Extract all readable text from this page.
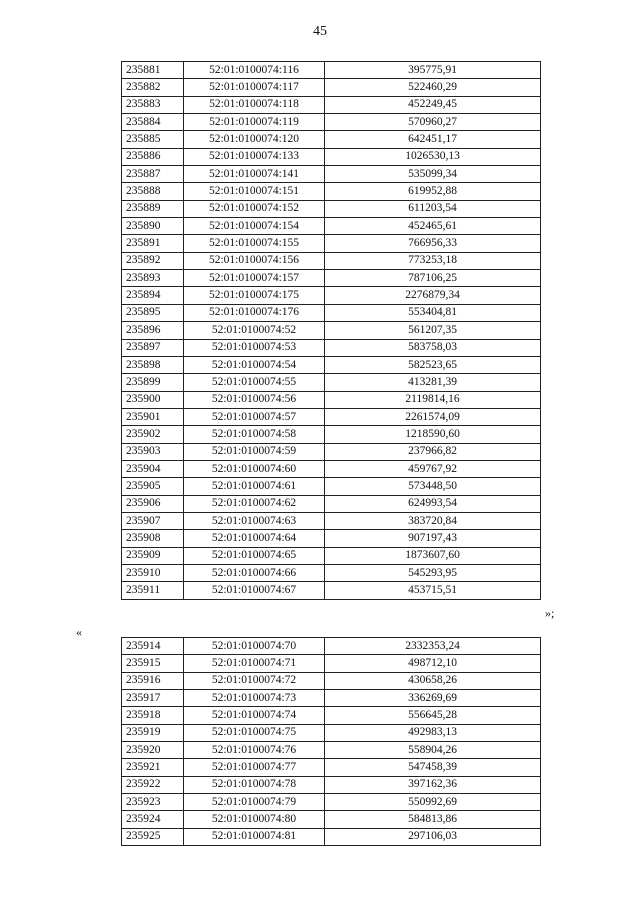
45
235881	52:01:0100074:116	395775,91
235882	52:01:0100074:117	522460,29
235883	52:01:0100074:118	452249,45
235884	52:01:0100074:119	570960,27
235885	52:01:0100074:120	642451,17
235886	52:01:0100074:133	1026530,13
235887	52:01:0100074:141	535099,34
235888	52:01:0100074:151	619952,88
235889	52:01:0100074:152	611203,54
235890	52:01:0100074:154	452465,61
235891	52:01:0100074:155	766956,33
235892	52:01:0100074:156	773253,18
235893	52:01:0100074:157	787106,25
235894	52:01:0100074:175	2276879,34
235895	52:01:0100074:176	553404,81
235896	52:01:0100074:52	561207,35
235897	52:01:0100074:53	583758,03
235898	52:01:0100074:54	582523,65
235899	52:01:0100074:55	413281,39
235900	52:01:0100074:56	2119814,16
235901	52:01:0100074:57	2261574,09
235902	52:01:0100074:58	1218590,60
235903	52:01:0100074:59	237966,82
235904	52:01:0100074:60	459767,92
235905	52:01:0100074:61	573448,50
235906	52:01:0100074:62	624993,54
235907	52:01:0100074:63	383720,84
235908	52:01:0100074:64	907197,43
235909	52:01:0100074:65	1873607,60
235910	52:01:0100074:66	545293,95
235911	52:01:0100074:67	453715,51
»;
«
235914	52:01:0100074:70	2332353,24
235915	52:01:0100074:71	498712,10
235916	52:01:0100074:72	430658,26
235917	52:01:0100074:73	336269,69
235918	52:01:0100074:74	556645,28
235919	52:01:0100074:75	492983,13
235920	52:01:0100074:76	558904,26
235921	52:01:0100074:77	547458,39
235922	52:01:0100074:78	397162,36
235923	52:01:0100074:79	550992,69
235924	52:01:0100074:80	584813,86
235925	52:01:0100074:81	297106,03
